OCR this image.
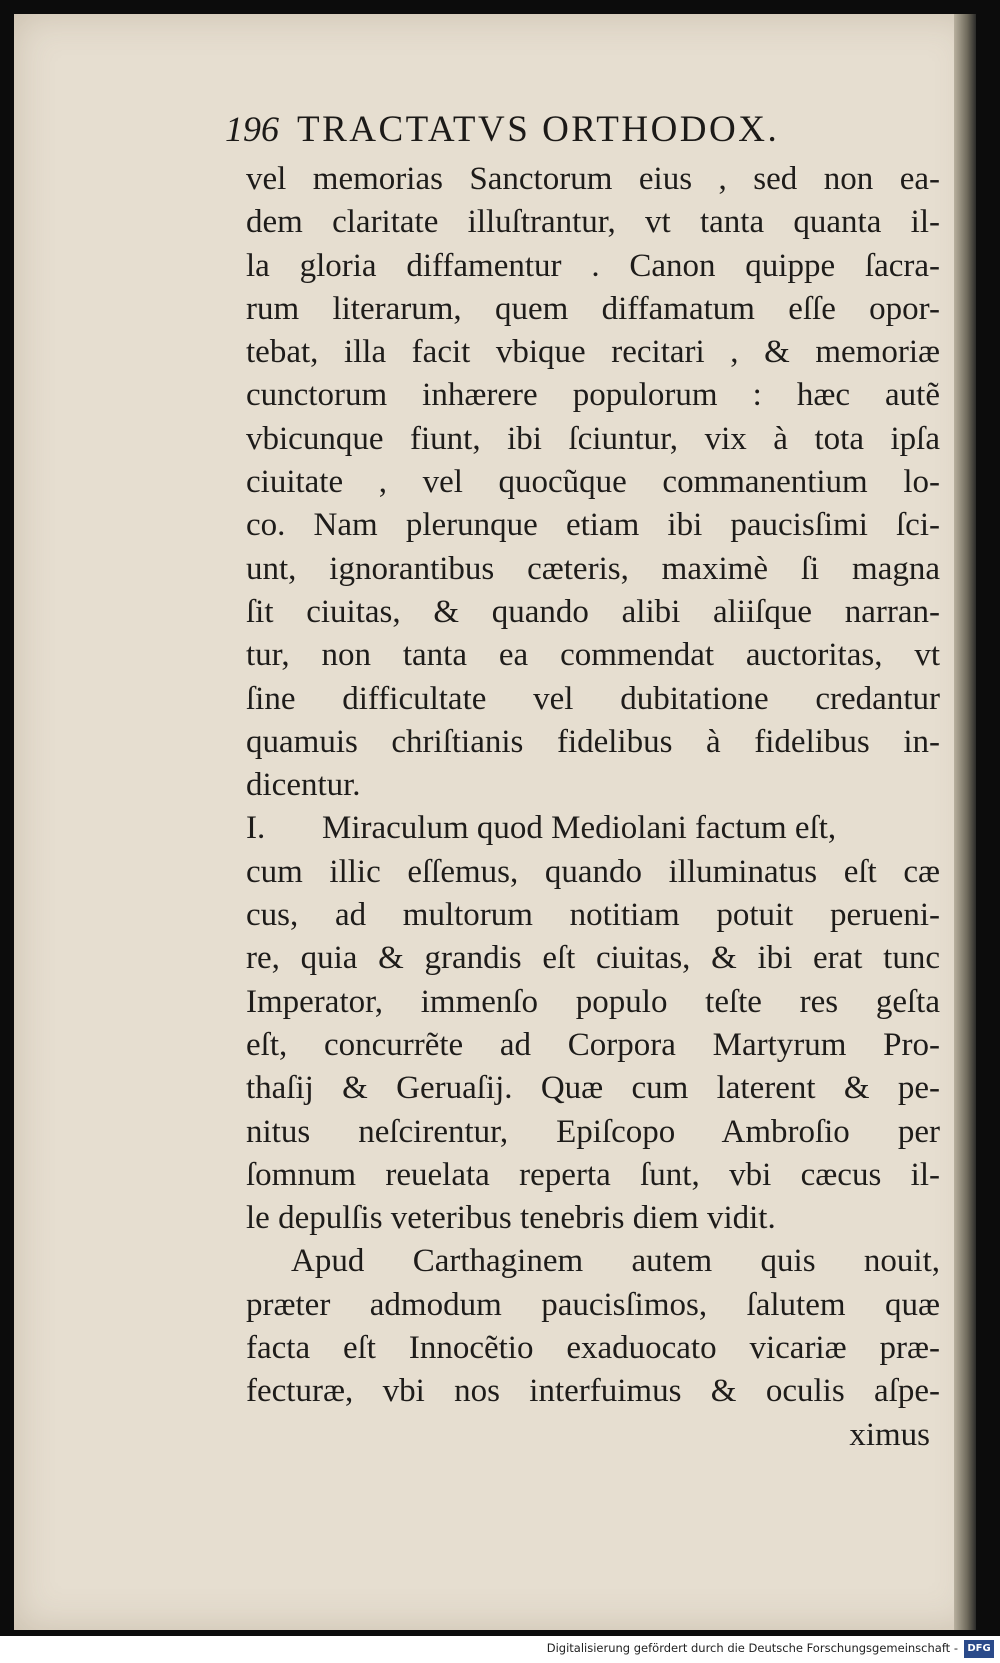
196 TRACTATVS ORTHODOX.
vel memorias Sanctorum eius , sed non ea-
dem claritate illuſtrantur, vt tanta quanta il-
la gloria diffamentur . Canon quippe ſacra-
rum literarum, quem diffamatum eſſe opor-
tebat, illa facit vbique recitari , & memoriæ
cunctorum inhærere populorum : hæc autẽ
vbicunque fiunt, ibi ſciuntur, vix à tota ipſa
ciuitate , vel quocũque commanentium lo-
co. Nam plerunque etiam ibi paucisſimi ſci-
unt, ignorantibus cæteris, maximè ſi magna
ſit ciuitas, & quando alibi aliiſque narran-
tur, non tanta ea commendat auctoritas, vt
ſine difficultate vel dubitatione credantur
quamuis chriſtianis fidelibus à fidelibus in-
dicentur.
I. Miraculum quod Mediolani factum eſt,
cum illic eſſemus, quando illuminatus eſt cæ
cus, ad multorum notitiam potuit perueni-
re, quia & grandis eſt ciuitas, & ibi erat tunc
Imperator, immenſo populo teſte res geſta
eſt, concurrẽte ad Corpora Martyrum Pro-
thaſij & Geruaſij. Quæ cum laterent & pe-
nitus neſcirentur, Epiſcopo Ambroſio per
ſomnum reuelata reperta ſunt, vbi cæcus il-
le depulſis veteribus tenebris diem vidit.
Apud Carthaginem autem quis nouit,
præter admodum paucisſimos, ſalutem quæ
facta eſt Innocẽtio exaduocato vicariæ præ-
fecturæ, vbi nos interfuimus & oculis aſpe-
ximus
Digitalisierung gefördert durch die Deutsche Forschungsgemeinschaft - DFG
